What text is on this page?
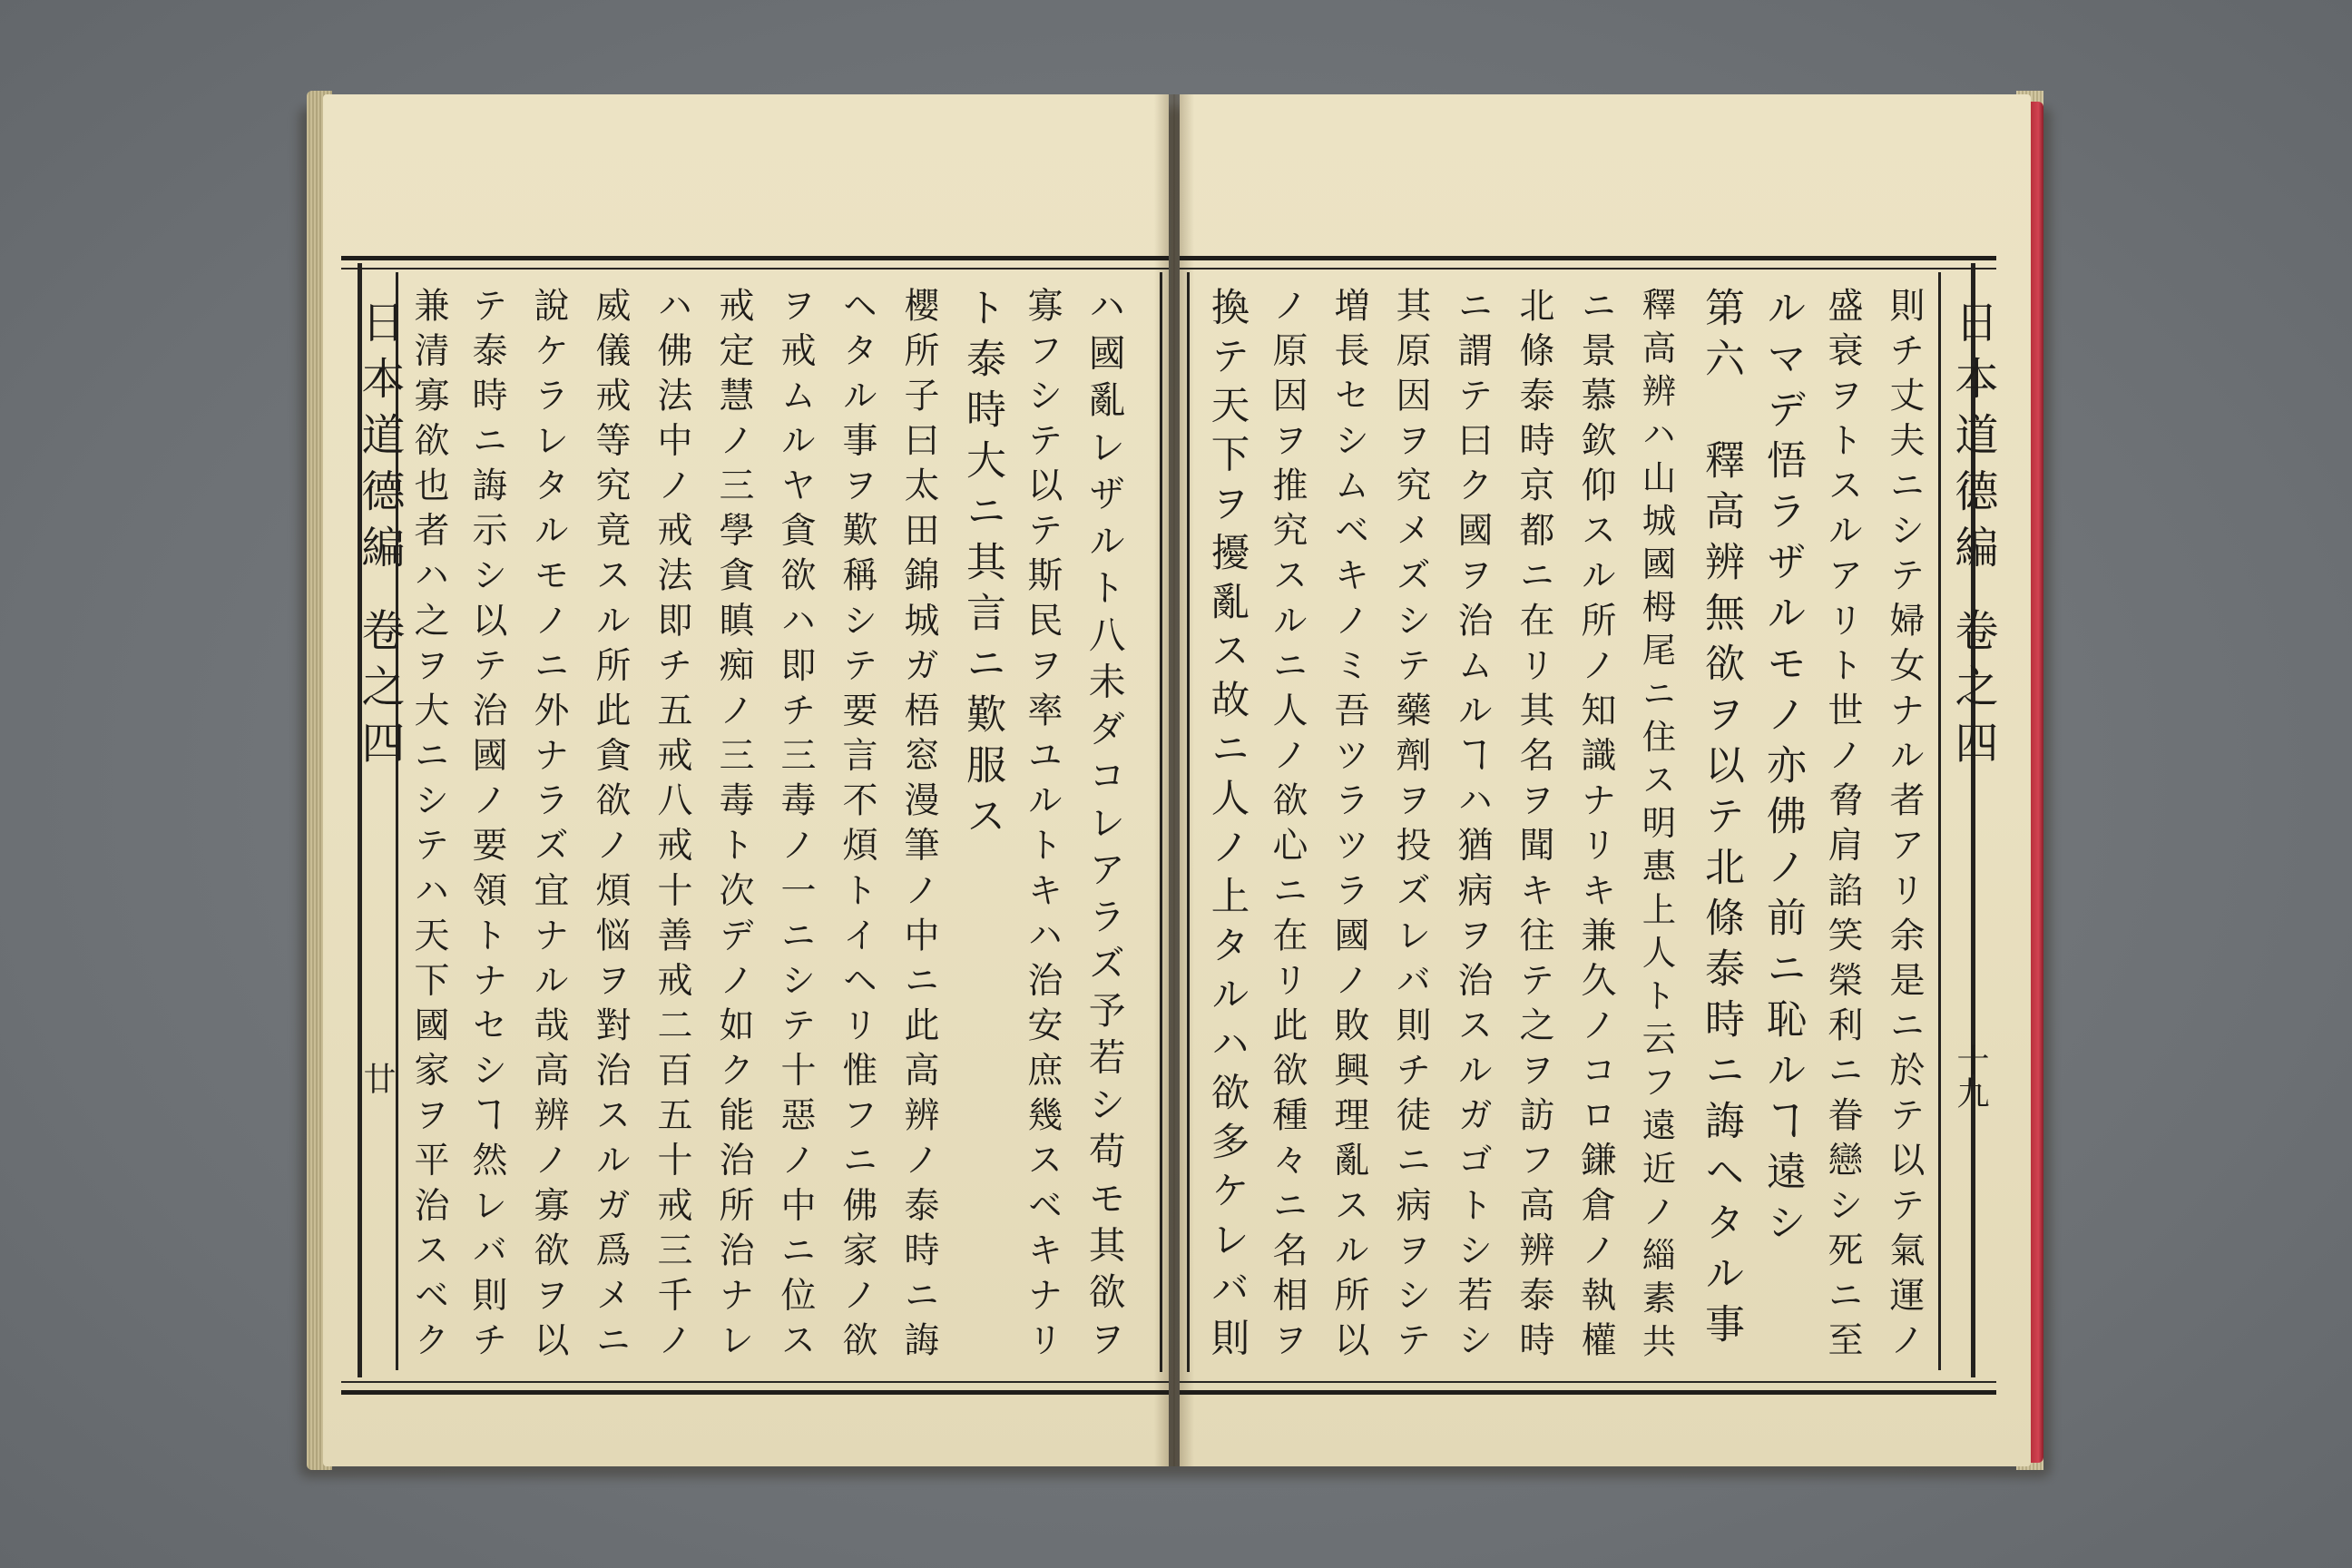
日本道德編 卷之四
廿
日本道德編 卷之四
十九
ハ國亂レザルト八未ダコレアラズ予若シ苟モ其欲ヲ
寡フシテ以テ斯民ヲ率ユルトキハ治安庶幾スベキナリ
ト泰時大ニ其言ニ歎服ス
櫻所子曰太田錦城ガ梧窓漫筆ノ中ニ此高辨ノ泰時ニ誨
ヘタル事ヲ歎稱シテ要言不煩トイヘリ惟フニ佛家ノ欲
ヲ戒ムルヤ貪欲ハ即チ三毒ノ一ニシテ十惡ノ中ニ位ス
戒定慧ノ三學貪瞋痴ノ三毒ト次デノ如ク能治所治ナレ
ハ佛法中ノ戒法即チ五戒八戒十善戒二百五十戒三千ノ
威儀戒等究竟スル所此貪欲ノ煩悩ヲ對治スルガ爲メニ
說ケラレタルモノニ外ナラズ宜ナル哉高辨ノ寡欲ヲ以
テ泰時ニ誨示シ以テ治國ノ要領トナセシヿ然レバ則チ
兼清寡欲也者ハ之ヲ大ニシテハ天下國家ヲ平治スベク	則チ丈夫ニシテ婦女ナル者アリ余是ニ於テ以テ氣運ノ
盛衰ヲトスルアリト世ノ脅肩諂笑榮利ニ眷戀シ死ニ至
ルマデ悟ラザルモノ亦佛ノ前ニ恥ルヿ遠シ
第六　釋高辨無欲ヲ以テ北條泰時ニ誨ヘタル事
釋高辨ハ山城國栂尾ニ住ス明惠上人ト云フ遠近ノ緇素共
ニ景慕欽仰スル所ノ知識ナリキ兼久ノコロ鎌倉ノ執權
北條泰時京都ニ在リ其名ヲ聞キ往テ之ヲ訪フ高辨泰時
ニ謂テ曰ク國ヲ治ムルヿハ猶病ヲ治スルガゴトシ若シ
其原因ヲ究メズシテ藥劑ヲ投ズレバ則チ徒ニ病ヲシテ
増長セシムベキノミ吾ツラツラ國ノ敗興理亂スル所以
ノ原因ヲ推究スルニ人ノ欲心ニ在リ此欲種々ニ名相ヲ
換テ天下ヲ擾亂ス故ニ人ノ上タルハ欲多ケレバ則
